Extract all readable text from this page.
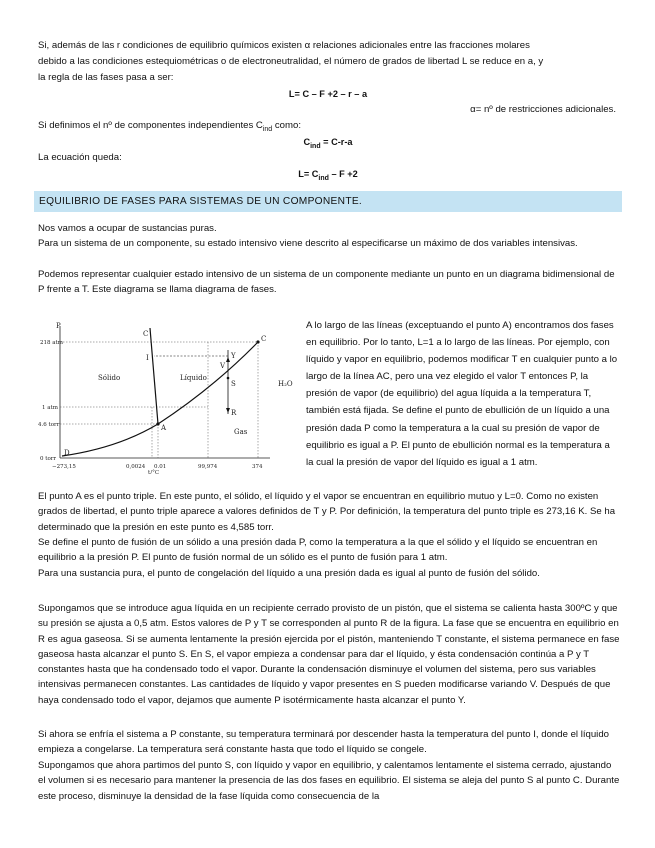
Si, además de las r condiciones de equilibrio químicos existen α relaciones adicionales entre las fracciones molares

debido a las condiciones estequiométricas o de electroneutralidad, el número de grados de libertad L se reduce en a, y

la regla de las fases pasa a ser:

L= C – F +2 – r – a

α= nº de restricciones adicionales.

Si definimos el nº de componentes independientes $C_{ind}$ como:

$C_{ind} = C-r-a$

La ecuación queda:

$L= C_{ind} - F +2$

EQUILIBRIO DE FASES PARA SISTEMAS DE UN COMPONENTE.

Nos vamos a ocupar de sustancias puras.

Para un sistema de un componente, su estado intensivo viene descrito al especificarse un máximo de dos variables intensivas.

Podemos representar cualquier estado intensivo de un sistema de un componente mediante un punto en un diagrama bidimensional de P frente a T. Este diagrama se llama diagrama de fases.

P
218 atm
1 atm
4.6 torr
0 torr
−273,15	0,0024 0.01	99,974	374
t/°C
Sólido	Líquido
Gas
H₂O
A
C
D
I	Y
S
R
V
C

A lo largo de las líneas (exceptuando el punto A) encontramos dos fases en equilibrio. Por lo tanto, L=1 a lo largo de las líneas. Por ejemplo, con líquido y vapor en equilibrio, podemos modificar T en cualquier punto a lo largo de la línea AC, pero una vez elegido el valor T entonces P, la presión de vapor (de equilibrio) del agua líquida a la temperatura T, también está fijada. Se define el punto de ebullición de un líquido a una presión dada P como la temperatura a la cual su presión de vapor de equilibrio es igual a P. El punto de ebullición normal es la temperatura a la cual la presión de vapor del líquido es igual a 1 atm.

El punto A es el punto triple. En este punto, el sólido, el líquido y el vapor se encuentran en equilibrio mutuo y L=0. Como no existen grados de libertad, el punto triple aparece a valores definidos de T y P. Por definición, la temperatura del punto triple es 273,16 K. Se ha determinado que la presión en este punto es 4,585 torr.

Se define el punto de fusión de un sólido a una presión dada P, como la temperatura a la que el sólido y el líquido se encuentran en equilibrio a la presión P. El punto de fusión normal de un sólido es el punto de fusión para 1 atm.

Para una sustancia pura, el punto de congelación del líquido a una presión dada es igual al punto de fusión del sólido.

Supongamos que se introduce agua líquida en un recipiente cerrado provisto de un pistón, que el sistema se calienta hasta 300ºC y que su presión se ajusta a 0,5 atm. Estos valores de P y T se corresponden al punto R de la figura. La fase que se encuentra en equilibrio en R es agua gaseosa. Si se aumenta lentamente la presión ejercida por el pistón, manteniendo T constante, el sistema permanece en fase gaseosa hasta alcanzar el punto S. En S, el vapor empieza a condensar para dar el líquido, y ésta condensación continúa a P y T constantes hasta que ha condensado todo el vapor. Durante la condensación disminuye el volumen del sistema, pero sus variables intensivas permanecen constantes. Las cantidades de líquido y vapor presentes en S pueden modificarse variando V. Después de que haya condensado todo el vapor, dejamos que aumente P isotérmicamente hasta alcanzar el punto Y.

Si ahora se enfría el sistema a P constante, su temperatura terminará por descender hasta la temperatura del punto I, donde el líquido empieza a congelarse. La temperatura será constante hasta que todo el líquido se congele.

Supongamos que ahora partimos del punto S, con líquido y vapor en equilibrio, y calentamos lentamente el sistema cerrado, ajustando el volumen si es necesario para mantener la presencia de las dos fases en equilibrio. El sistema se aleja del punto S al punto C. Durante este proceso, disminuye la densidad de la fase líquida como consecuencia de la
